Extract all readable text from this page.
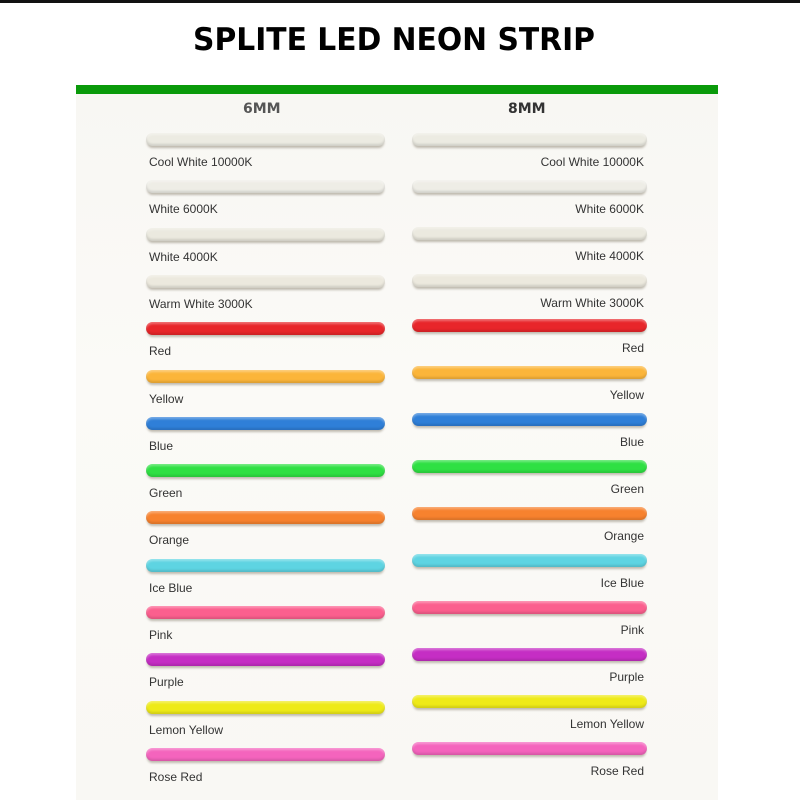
SPLITE LED NEON STRIP
6MM	8MM
Cool White 10000K	Cool White 10000K
White 6000K	White 6000K
White 4000K	White 4000K
Warm White 3000K	Warm White 3000K
Red	Red
Yellow	Yellow
Blue	Blue
Green	Green
Orange	Orange
Ice Blue	Ice Blue
Pink	Pink
Purple	Purple
Lemon Yellow	Lemon Yellow
Rose Red	Rose Red
